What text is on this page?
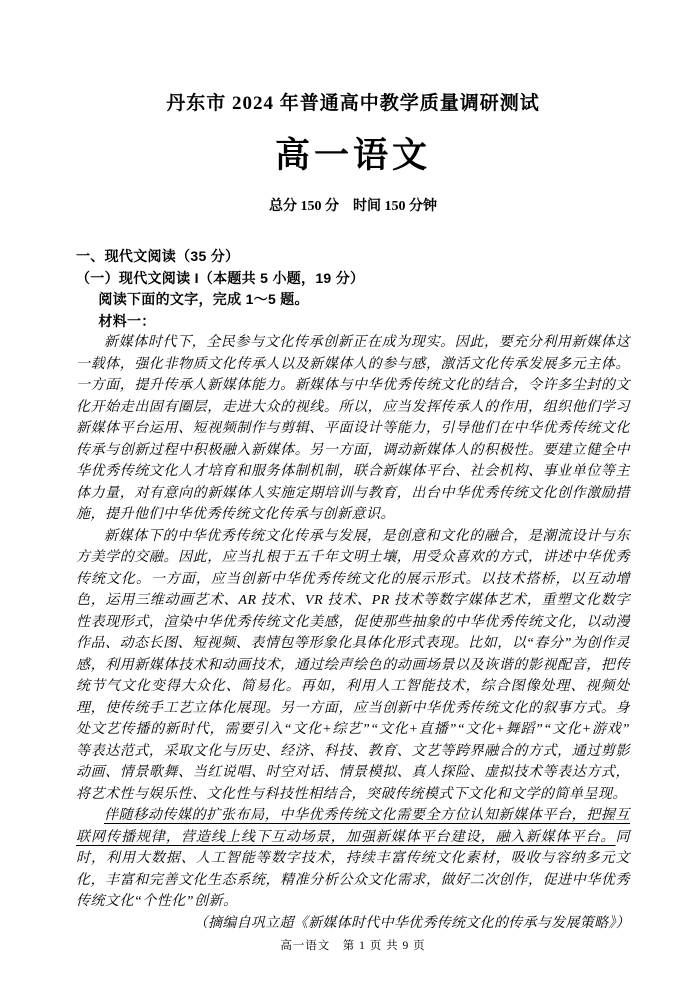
丹东市 2024 年普通高中教学质量调研测试
高一语文
总分 150 分　时间 150 分钟
一、现代文阅读（35 分）
（一）现代文阅读 I（本题共 5 小题，19 分）
阅读下面的文字，完成 1～5 题。
材料一：

新媒体时代下，全民参与文化传承创新正在成为现实。因此，要充分利用新媒体这一载体，强化非物质文化传承人以及新媒体人的参与感，激活文化传承发展多元主体。一方面，提升传承人新媒体能力。新媒体与中华优秀传统文化的结合，令许多尘封的文化开始走出固有圈层，走进大众的视线。所以，应当发挥传承人的作用，组织他们学习新媒体平台运用、短视频制作与剪辑、平面设计等能力，引导他们在中华优秀传统文化传承与创新过程中积极融入新媒体。另一方面，调动新媒体人的积极性。要建立健全中华优秀传统文化人才培育和服务体制机制，联合新媒体平台、社会机构、事业单位等主体力量，对有意向的新媒体人实施定期培训与教育，出台中华优秀传统文化创作激励措施，提升他们中华优秀传统文化传承与创新意识。

新媒体下的中华优秀传统文化传承与发展，是创意和文化的融合，是潮流设计与东方美学的交融。因此，应当扎根于五千年文明土壤，用受众喜欢的方式，讲述中华优秀传统文化。一方面，应当创新中华优秀传统文化的展示形式。以技术搭桥，以互动增色，运用三维动画艺术、AR 技术、VR 技术、PR 技术等数字媒体艺术，重塑文化数字性表现形式，渲染中华优秀传统文化美感，促使那些抽象的中华优秀传统文化，以动漫作品、动态长图、短视频、表情包等形象化具体化形式表现。比如，以“春分”为创作灵感，利用新媒体技术和动画技术，通过绘声绘色的动画场景以及诙谐的影视配音，把传统节气文化变得大众化、简易化。再如，利用人工智能技术，综合图像处理、视频处理，使传统手工艺立体化展现。另一方面，应当创新中华优秀传统文化的叙事方式。身处文艺传播的新时代，需要引入“文化+综艺”“文化+直播”“文化+舞蹈”“文化+游戏”等表达范式，采取文化与历史、经济、科技、教育、文艺等跨界融合的方式，通过剪影动画、情景歌舞、当红说唱、时空对话、情景模拟、真人探险、虚拟技术等表达方式，将艺术性与娱乐性、文化性与科技性相结合，突破传统模式下文化和文学的简单呈现。

伴随移动传媒的扩张布局，中华优秀传统文化需要全方位认知新媒体平台，把握互联网传播规律，营造线上线下互动场景，加强新媒体平台建设，融入新媒体平台。同时，利用大数据、人工智能等数字技术，持续丰富传统文化素材，吸收与容纳多元文化，丰富和完善文化生态系统，精准分析公众文化需求，做好二次创作，促进中华优秀传统文化“个性化”创新。

（摘编自巩立超《新媒体时代中华优秀传统文化的传承与发展策略》）
高一语文　第 1 页 共 9 页
